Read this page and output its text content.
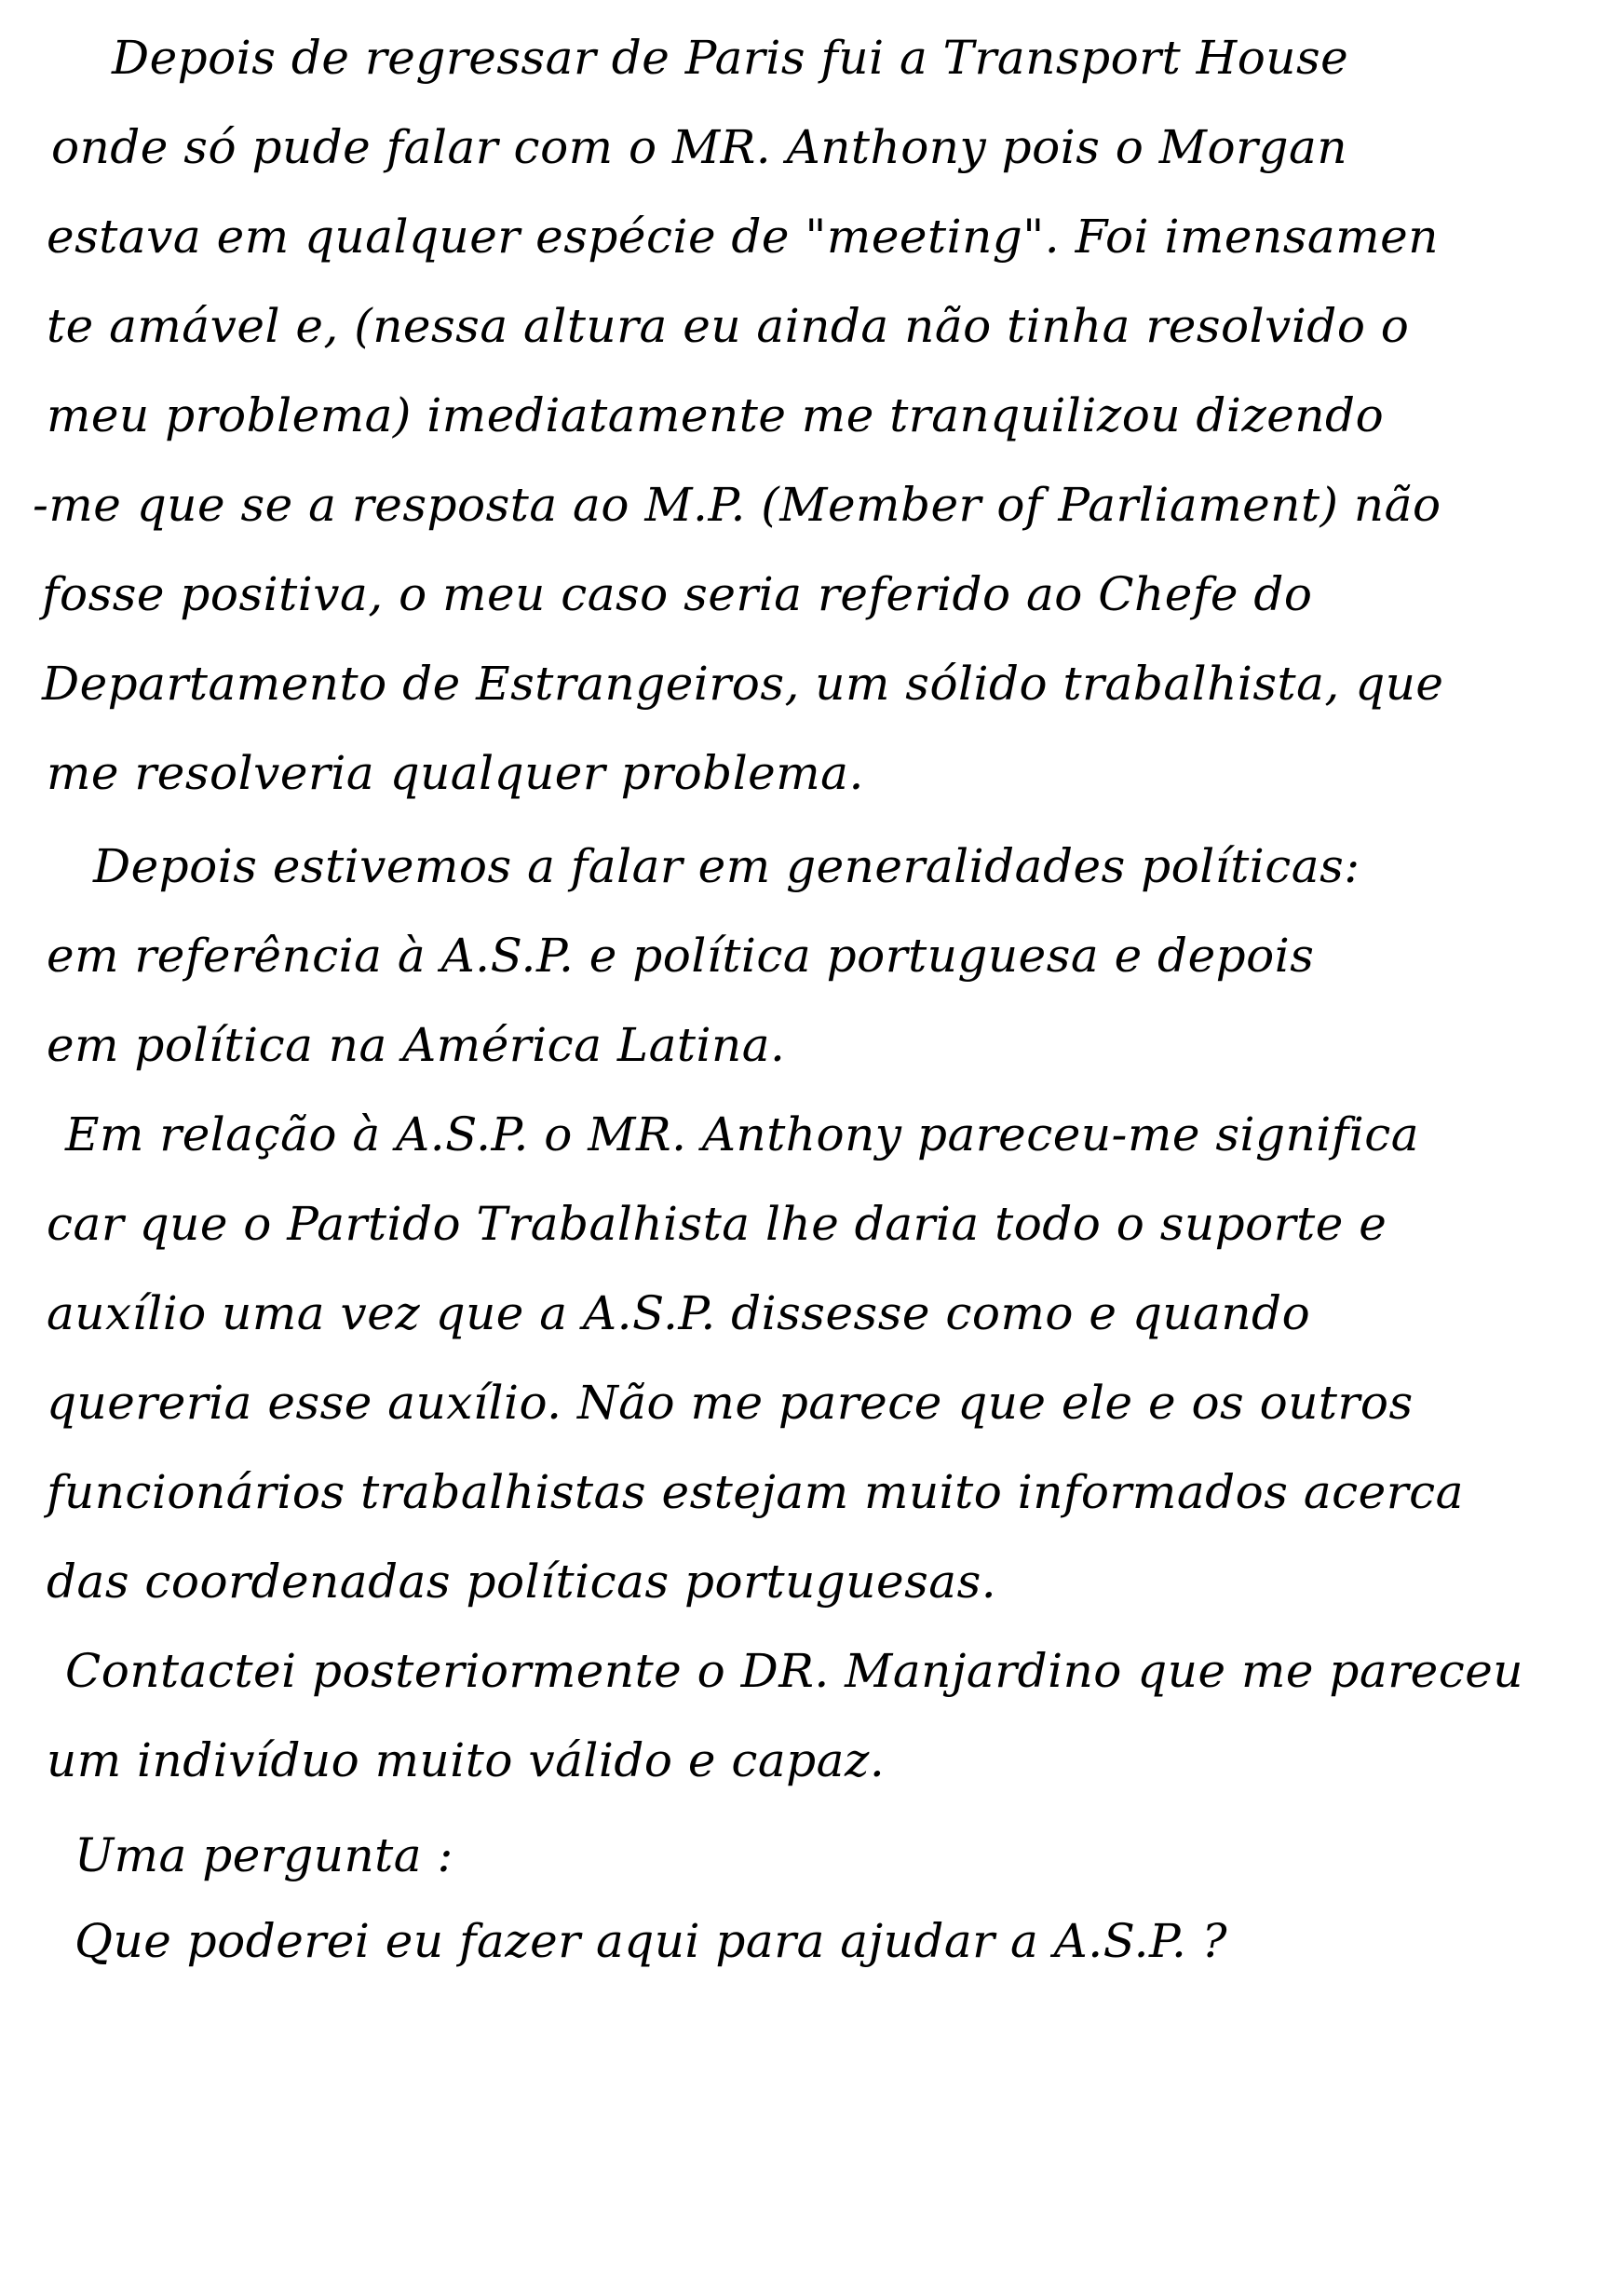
Depois de regressar de Paris fui a Transport House
onde só pude falar com o MR. Anthony pois o Morgan
estava em qualquer espécie de "meeting". Foi imensamen
te amável e, (nessa altura eu ainda não tinha resolvido o
meu problema) imediatamente me tranquilizou dizendo
-me que se a resposta ao M.P. (Member of Parliament) não
fosse positiva, o meu caso seria referido ao Chefe do
Departamento de Estrangeiros, um sólido trabalhista, que
me resolveria qualquer problema.
Depois estivemos a falar em generalidades políticas:
em referência à A.S.P. e política portuguesa e depois
em política na América Latina.
Em relação à A.S.P. o MR. Anthony pareceu-me significa
car que o Partido Trabalhista lhe daria todo o suporte e
auxílio uma vez que a A.S.P. dissesse como e quando
quereria esse auxílio. Não me parece que ele e os outros
funcionários trabalhistas estejam muito informados acerca
das coordenadas políticas portuguesas.
Contactei posteriormente o DR. Manjardino que me pareceu
um indivíduo muito válido e capaz.
Uma pergunta :
Que poderei eu fazer aqui para ajudar a A.S.P. ?
